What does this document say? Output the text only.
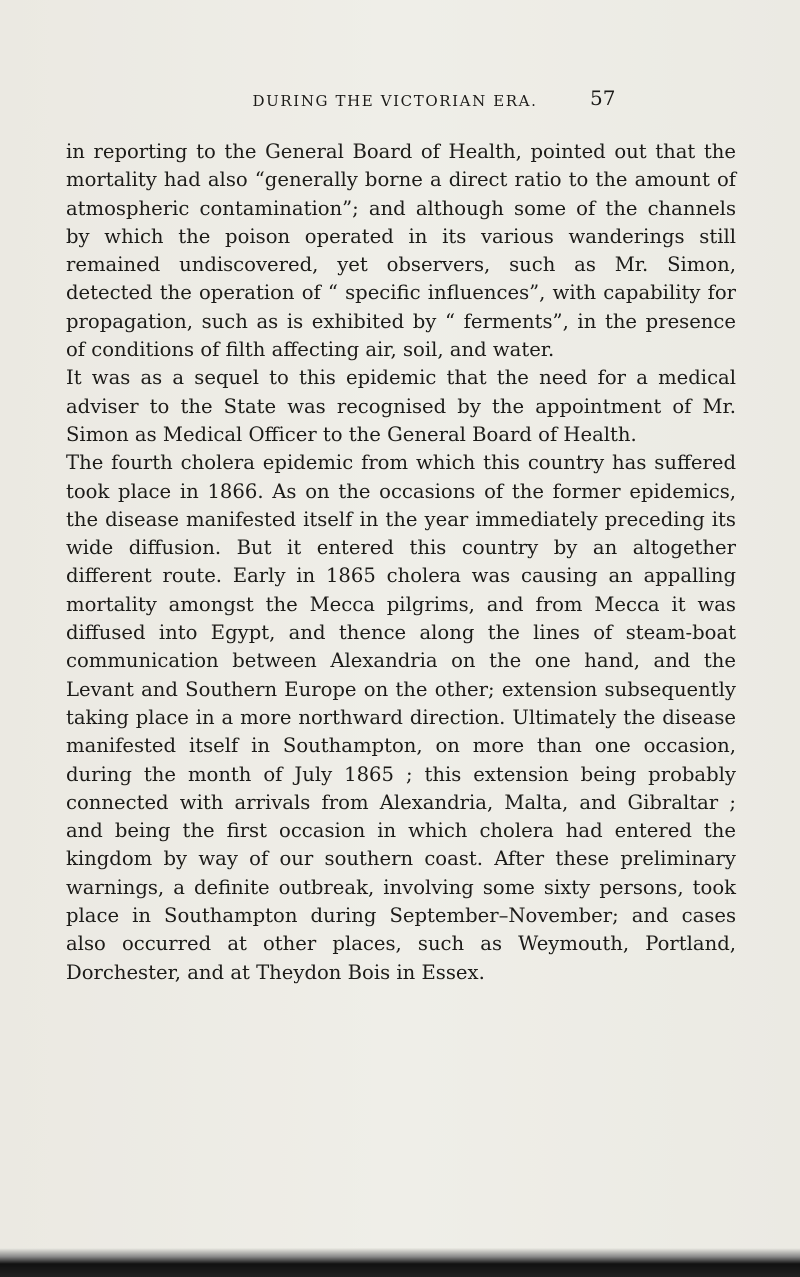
DURING THE VICTORIAN ERA.	57

in reporting to the General Board of Health, pointed out that the mortality had also “generally borne a direct ratio to the amount of atmospheric contamination”; and although some of the channels by which the poison operated in its various wanderings still remained undiscovered, yet observers, such as Mr. Simon, detected the operation of “ specific influences”, with capability for propagation, such as is exhibited by “ ferments”, in the presence of conditions of filth affecting air, soil, and water.

It was as a sequel to this epidemic that the need for a medical adviser to the State was recognised by the appointment of Mr. Simon as Medical Officer to the General Board of Health.

The fourth cholera epidemic from which this country has suffered took place in 1866. As on the occasions of the former epidemics, the disease manifested itself in the year immediately preceding its wide diffusion. But it entered this country by an altogether different route. Early in 1865 cholera was causing an appalling mortality amongst the Mecca pilgrims, and from Mecca it was diffused into Egypt, and thence along the lines of steam-boat communication between Alexandria on the one hand, and the Levant and Southern Europe on the other; extension subsequently taking place in a more northward direction. Ultimately the disease manifested itself in Southampton, on more than one occasion, during the month of July 1865 ; this extension being probably connected with arrivals from Alexandria, Malta, and Gibraltar ; and being the first occasion in which cholera had entered the kingdom by way of our southern coast. After these preliminary warnings, a definite outbreak, involving some sixty persons, took place in Southampton during September–November; and cases also occurred at other places, such as Weymouth, Portland, Dorchester, and at Theydon Bois in Essex.
